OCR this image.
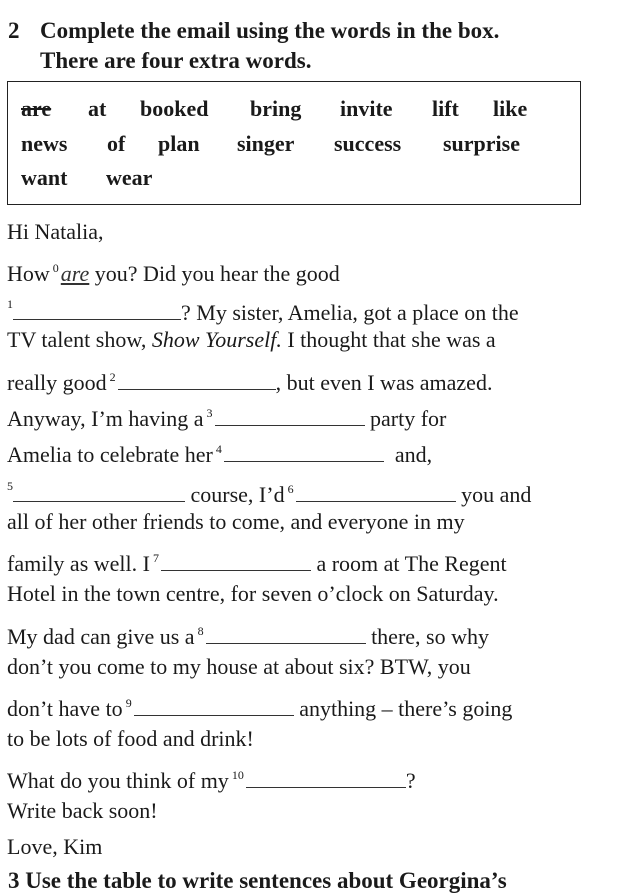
2 Complete the email using the words in the box.
There are four extra words.
are at booked bring invite lift like
news of plan singer success surprise
want wear
Hi Natalia,
How $^0$are you? Did you hear the good
$^1$	? My sister, Amelia, got a place on the
TV talent show, Show Yourself. I thought that she was a
really good $^2$	, but even I was amazed.
Anyway, I’m having a $^3$	party for
Amelia to celebrate her $^4$	and,
$^5$	course, I’d $^6$	you and
all of her other friends to come, and everyone in my
family as well. I $^7$	a room at The Regent
Hotel in the town centre, for seven o’clock on Saturday.
My dad can give us a $^8$	there, so why
don’t you come to my house at about six? BTW, you
don’t have to $^9$	anything – there’s going
to be lots of food and drink!
What do you think of my $^{10}$	?
Write back soon!
Love, Kim
3 Use the table to write sentences about Georgina’s
